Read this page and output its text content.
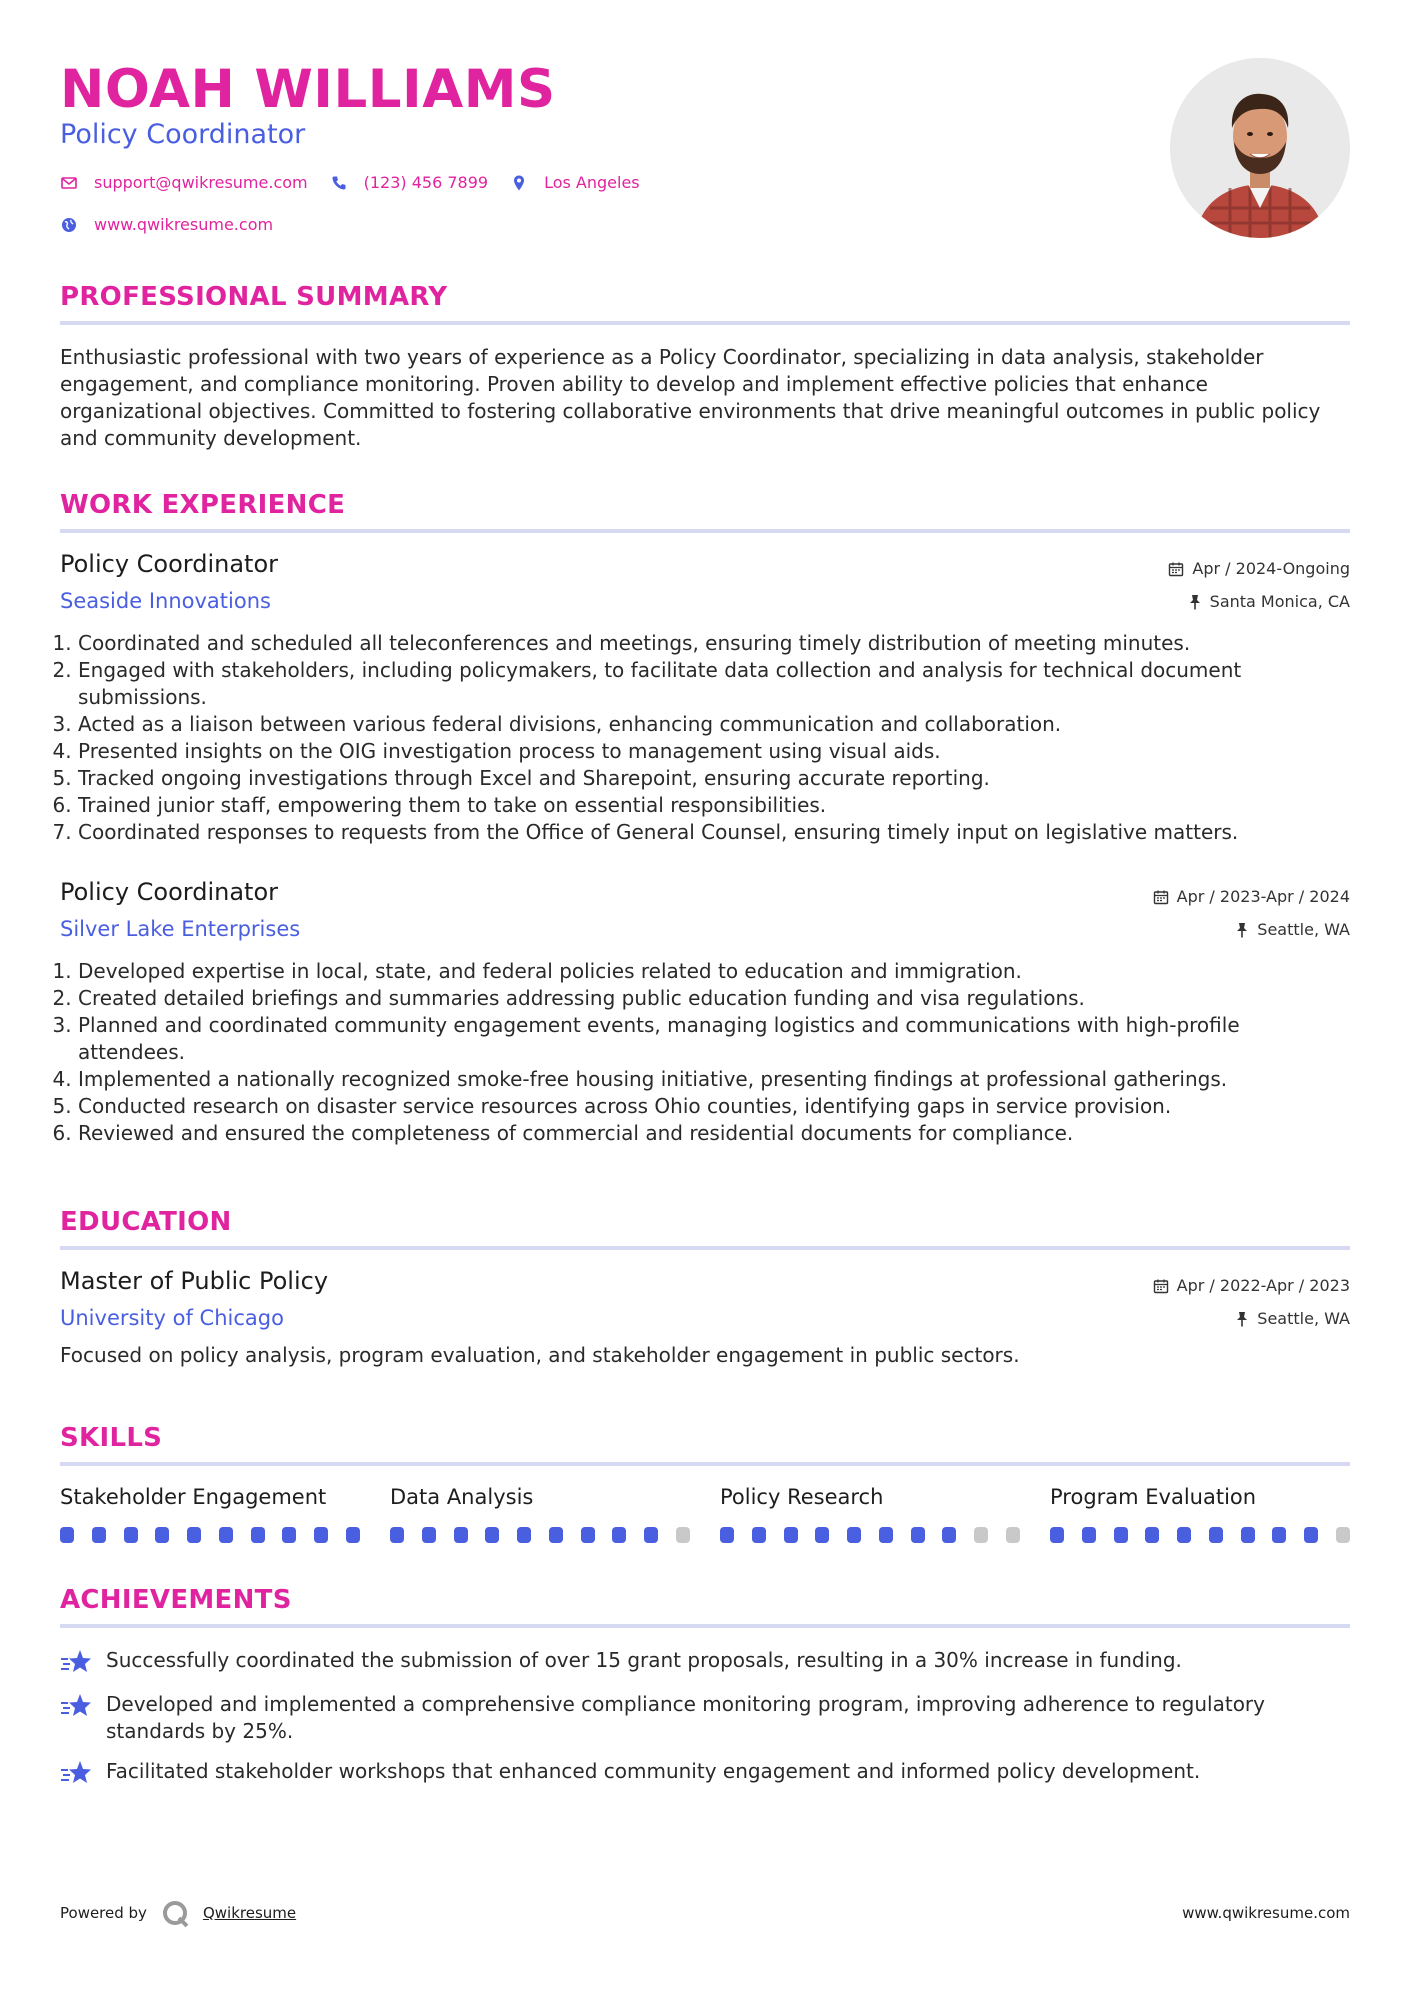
NOAH WILLIAMS
Policy Coordinator
support@qwikresume.com	(123) 456 7899	Los Angeles
www.qwikresume.com
PROFESSIONAL SUMMARY

Enthusiastic professional with two years of experience as a Policy Coordinator, specializing in data analysis, stakeholder engagement, and compliance monitoring. Proven ability to develop and implement effective policies that enhance organizational objectives. Committed to fostering collaborative environments that drive meaningful outcomes in public policy and community development.

WORK EXPERIENCE
Policy Coordinator
Seaside Innovations
Apr / 2024-Ongoing
Santa Monica, CA
1. Coordinated and scheduled all teleconferences and meetings, ensuring timely distribution of meeting minutes.
2. Engaged with stakeholders, including policymakers, to facilitate data collection and analysis for technical document submissions.
3. Acted as a liaison between various federal divisions, enhancing communication and collaboration.
4. Presented insights on the OIG investigation process to management using visual aids.
5. Tracked ongoing investigations through Excel and Sharepoint, ensuring accurate reporting.
6. Trained junior staff, empowering them to take on essential responsibilities.
7. Coordinated responses to requests from the Office of General Counsel, ensuring timely input on legislative matters.
Policy Coordinator
Silver Lake Enterprises
Apr / 2023-Apr / 2024
Seattle, WA
1. Developed expertise in local, state, and federal policies related to education and immigration.
2. Created detailed briefings and summaries addressing public education funding and visa regulations.
3. Planned and coordinated community engagement events, managing logistics and communications with high-profile attendees.
4. Implemented a nationally recognized smoke-free housing initiative, presenting findings at professional gatherings.
5. Conducted research on disaster service resources across Ohio counties, identifying gaps in service provision.
6. Reviewed and ensured the completeness of commercial and residential documents for compliance.
EDUCATION
Master of Public Policy
University of Chicago
Apr / 2022-Apr / 2023
Seattle, WA

Focused on policy analysis, program evaluation, and stakeholder engagement in public sectors.

SKILLS
Stakeholder Engagement	Data Analysis	Policy Research	Program Evaluation
ACHIEVEMENTS
Successfully coordinated the submission of over 15 grant proposals, resulting in a 30% increase in funding.
Developed and implemented a comprehensive compliance monitoring program, improving adherence to regulatory standards by 25%.
Facilitated stakeholder workshops that enhanced community engagement and informed policy development.
Powered by	Qwikresume	www.qwikresume.com
